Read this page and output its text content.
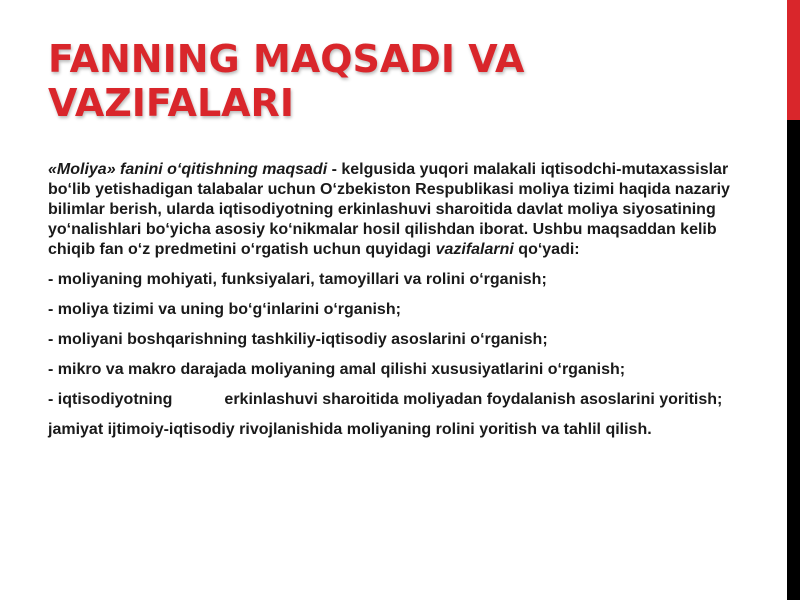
FANNING MAQSADI VA VAZIFALARI

«Moliya» fanini o‘qitishning maqsadi - kelgusida yuqori malakali iqtisodchi-mutaxassislar bo‘lib yetishadigan talabalar uchun O‘zbekiston Respublikasi moliya tizimi haqida nazariy bilimlar berish, ularda iqtisodiyotning erkinlashuvi sharoitida davlat moliya siyosatining yo‘nalishlari bo‘yicha asosiy ko‘nikmalar hosil qilishdan iborat. Ushbu maqsaddan kelib chiqib fan o‘z predmetini o‘rgatish uchun quyidagi vazifalarni qo‘yadi:

- moliyaning mohiyati, funksiyalari, tamoyillari va rolini o‘rganish;

- moliya tizimi va uning bo‘g‘inlarini o‘rganish;

- moliyani boshqarishning tashkiliy-iqtisodiy asoslarini o‘rganish;

- mikro va makro darajada moliyaning amal qilishi xususiyatlarini o‘rganish;

- iqtisodiyotning	erkinlashuvi sharoitida moliyadan foydalanish asoslarini yoritish;

jamiyat ijtimoiy-iqtisodiy rivojlanishida moliyaning rolini yoritish va tahlil qilish.
